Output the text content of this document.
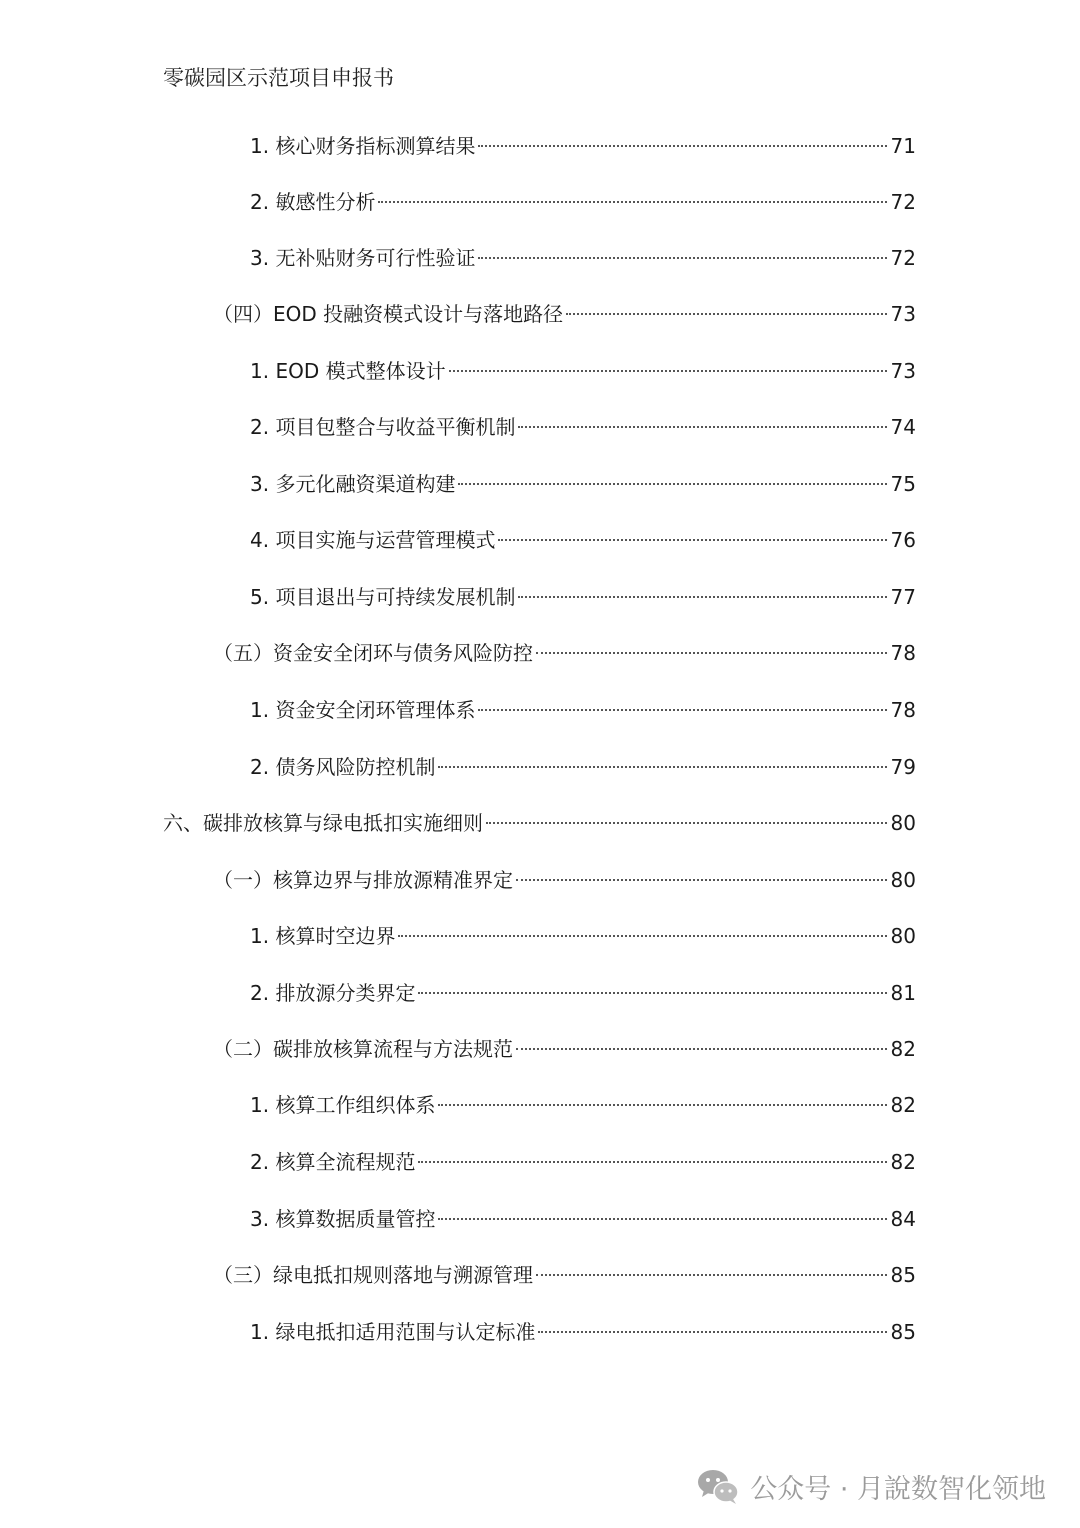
零碳园区示范项目申报书
1. 核心财务指标测算结果	71
2. 敏感性分析	72
3. 无补贴财务可行性验证	72
（四）EOD 投融资模式设计与落地路径	73
1. EOD 模式整体设计	73
2. 项目包整合与收益平衡机制	74
3. 多元化融资渠道构建	75
4. 项目实施与运营管理模式	76
5. 项目退出与可持续发展机制	77
（五）资金安全闭环与债务风险防控	78
1. 资金安全闭环管理体系	78
2. 债务风险防控机制	79
六、碳排放核算与绿电抵扣实施细则	80
（一）核算边界与排放源精准界定	80
1. 核算时空边界	80
2. 排放源分类界定	81
（二）碳排放核算流程与方法规范	82
1. 核算工作组织体系	82
2. 核算全流程规范	82
3. 核算数据质量管控	84
（三）绿电抵扣规则落地与溯源管理	85
1. 绿电抵扣适用范围与认定标准	85
公众号 · 月說数智化领地
